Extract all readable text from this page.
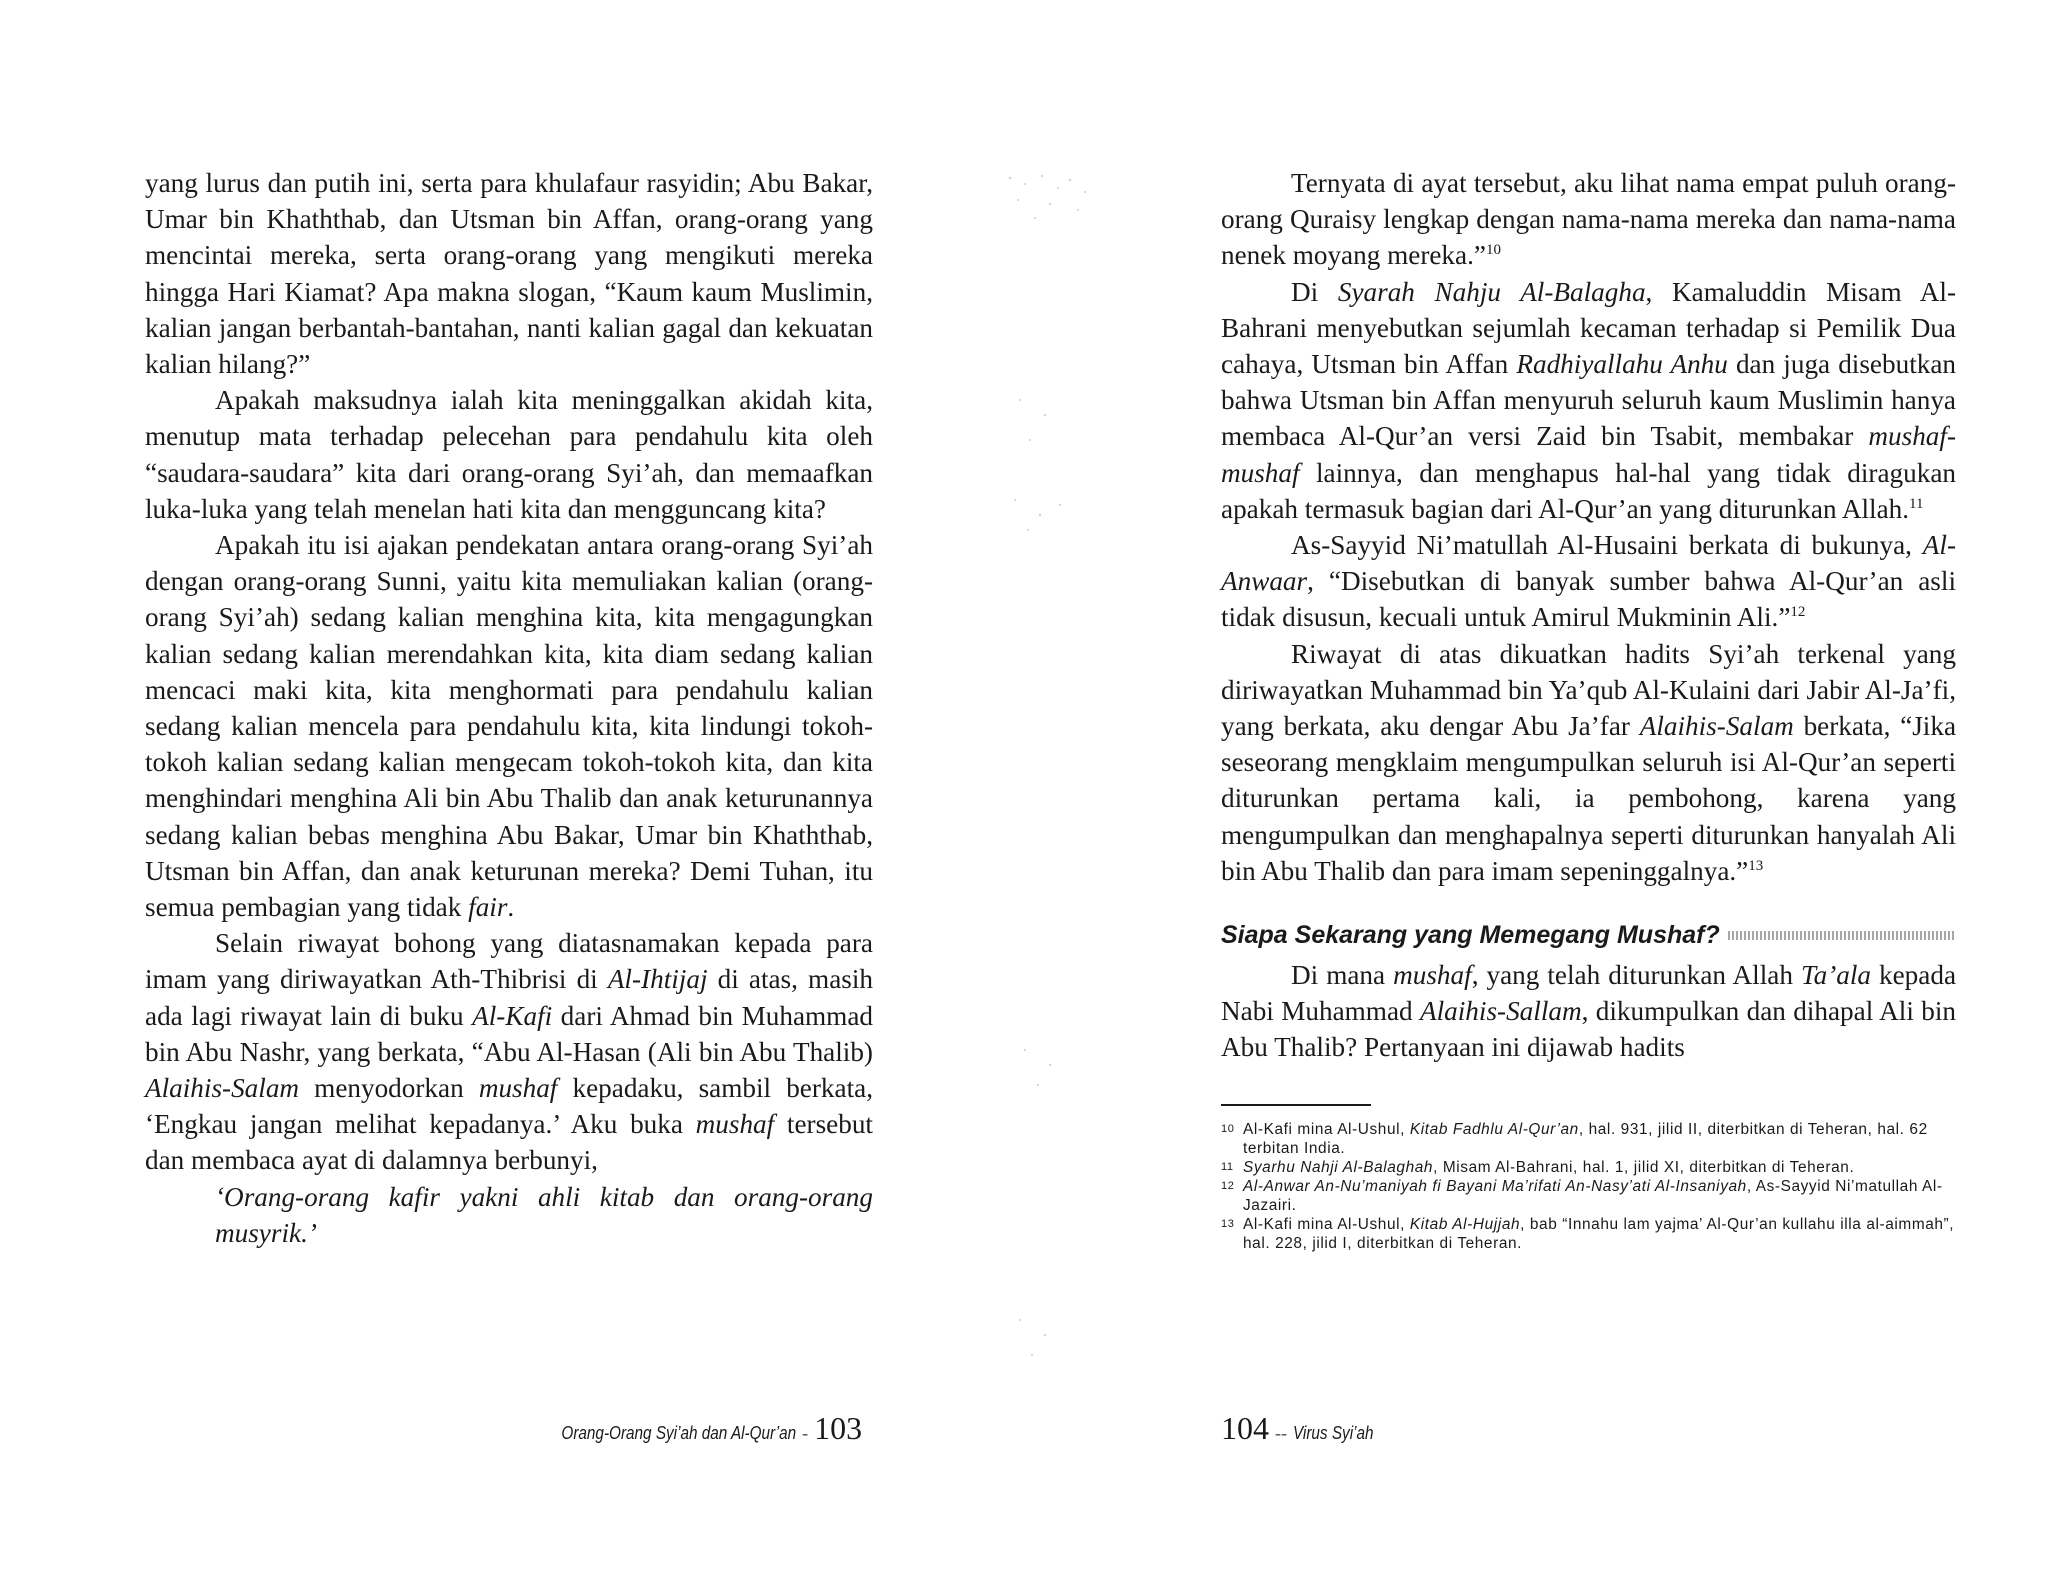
yang lurus dan putih ini, serta para khulafaur rasyidin; Abu Bakar, Umar bin Khaththab, dan Utsman bin Affan, orang-orang yang mencintai mereka, serta orang-orang yang mengikuti mereka hingga Hari Kiamat? Apa makna slogan, “Kaum kaum Muslimin, kalian jangan berbantah-bantahan, nanti kalian gagal dan kekuatan kalian hilang?”

Apakah maksudnya ialah kita meninggalkan akidah kita, menutup mata terhadap pelecehan para pendahulu kita oleh “saudara-saudara” kita dari orang-orang Syi’ah, dan memaafkan luka-luka yang telah menelan hati kita dan mengguncang kita?

Apakah itu isi ajakan pendekatan antara orang-orang Syi’ah dengan orang-orang Sunni, yaitu kita memuliakan kalian (orang-orang Syi’ah) sedang kalian menghina kita, kita mengagungkan kalian sedang kalian merendahkan kita, kita diam sedang kalian mencaci maki kita, kita menghormati para pendahulu kalian sedang kalian mencela para pendahulu kita, kita lindungi tokoh-tokoh kalian sedang kalian mengecam tokoh-tokoh kita, dan kita menghindari menghina Ali bin Abu Thalib dan anak keturunannya sedang kalian bebas menghina Abu Bakar, Umar bin Khaththab, Utsman bin Affan, dan anak keturunan mereka? Demi Tuhan, itu semua pembagian yang tidak fair.

Selain riwayat bohong yang diatasnamakan kepada para imam yang diriwayatkan Ath-Thibrisi di Al-Ihtijaj di atas, masih ada lagi riwayat lain di buku Al-Kafi dari Ahmad bin Muhammad bin Abu Nashr, yang berkata, “Abu Al-Hasan (Ali bin Abu Thalib) Alaihis-Salam menyodorkan mushaf kepadaku, sambil berkata, ‘Engkau jangan melihat kepadanya.’ Aku buka mushaf tersebut dan membaca ayat di dalamnya berbunyi,

‘Orang-orang kafir yakni ahli kitab dan orang-orang musyrik.’

Orang-Orang Syi’ah dan Al-Qur’an - 103

Ternyata di ayat tersebut, aku lihat nama empat puluh orang-orang Quraisy lengkap dengan nama-nama mereka dan nama-nama nenek moyang mereka.”$^{10}$

Di Syarah Nahju Al-Balagha, Kamaluddin Misam Al-Bahrani menyebutkan sejumlah kecaman terhadap si Pemilik Dua cahaya, Utsman bin Affan Radhiyallahu Anhu dan juga disebutkan bahwa Utsman bin Affan menyuruh seluruh kaum Muslimin hanya membaca Al-Qur’an versi Zaid bin Tsabit, membakar mushaf-mushaf lainnya, dan menghapus hal-hal yang tidak diragukan apakah termasuk bagian dari Al-Qur’an yang diturunkan Allah.$^{11}$

As-Sayyid Ni’matullah Al-Husaini berkata di bukunya, Al-Anwaar, “Disebutkan di banyak sumber bahwa Al-Qur’an asli tidak disusun, kecuali untuk Amirul Mukminin Ali.”$^{12}$

Riwayat di atas dikuatkan hadits Syi’ah terkenal yang diriwayatkan Muhammad bin Ya’qub Al-Kulaini dari Jabir Al-Ja’fi, yang berkata, aku dengar Abu Ja’far Alaihis-Salam berkata, “Jika seseorang mengklaim mengumpulkan seluruh isi Al-Qur’an seperti diturunkan pertama kali, ia pembohong, karena yang mengumpulkan dan menghapalnya seperti diturunkan hanyalah Ali bin Abu Thalib dan para imam sepeninggalnya.”$^{13}$

Siapa Sekarang yang Memegang Mushaf?

Di mana mushaf, yang telah diturunkan Allah Ta’ala kepada Nabi Muhammad Alaihis-Sallam, dikumpulkan dan dihapal Ali bin Abu Thalib? Pertanyaan ini dijawab hadits

10 Al-Kafi mina Al-Ushul, Kitab Fadhlu Al-Qur’an, hal. 931, jilid II, diterbitkan di Teheran, hal. 62 terbitan India.

11 Syarhu Nahji Al-Balaghah, Misam Al-Bahrani, hal. 1, jilid XI, diterbitkan di Teheran.

12 Al-Anwar An-Nu’maniyah fi Bayani Ma’rifati An-Nasy’ati Al-Insaniyah, As-Sayyid Ni’matullah Al-Jazairi.

13 Al-Kafi mina Al-Ushul, Kitab Al-Hujjah, bab “Innahu lam yajma’ Al-Qur’an kullahu illa al-aimmah”, hal. 228, jilid I, diterbitkan di Teheran.

104 -- Virus Syi’ah
